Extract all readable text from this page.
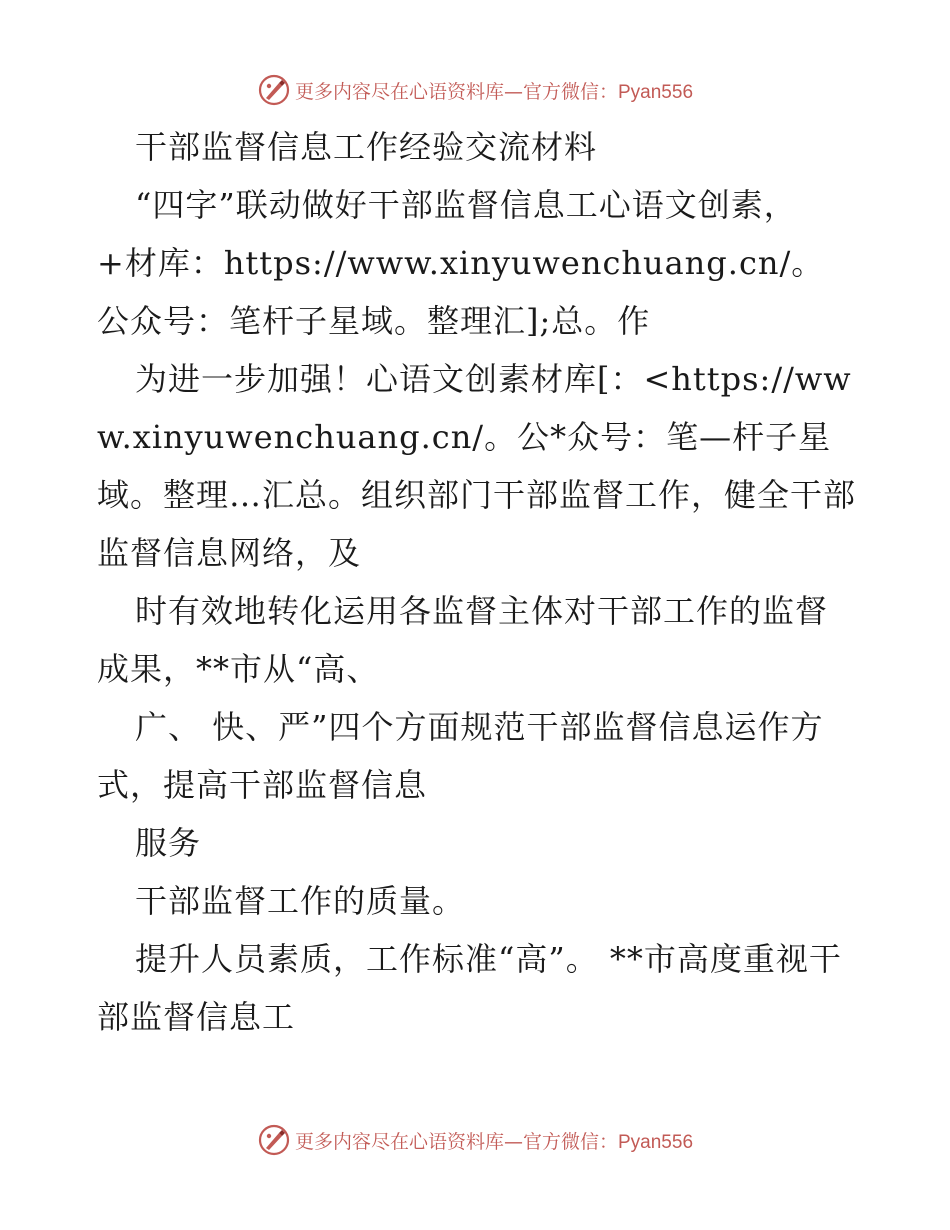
更多内容尽在心语资料库—官方微信：Pyan556

干部监督信息工作经验交流材料

“四字”联动做好干部监督信息工心语文创素，+材库：https://www.xinyuwenchuang.cn/。公众号：笔杆子星域。整理汇];总。作

为进一步加强！心语文创素材库[：<https://www.xinyuwenchuang.cn/。公*众号：笔—杆子星域。整理…汇总。组织部门干部监督工作，健全干部监督信息网络，及

时有效地转化运用各监督主体对干部工作的监督成果，**市从“高、

广、 快、严”四个方面规范干部监督信息运作方式，提高干部监督信息

服务

干部监督工作的质量。

提升人员素质，工作标准“高”。 **市高度重视干部监督信息工

更多内容尽在心语资料库—官方微信：Pyan556
